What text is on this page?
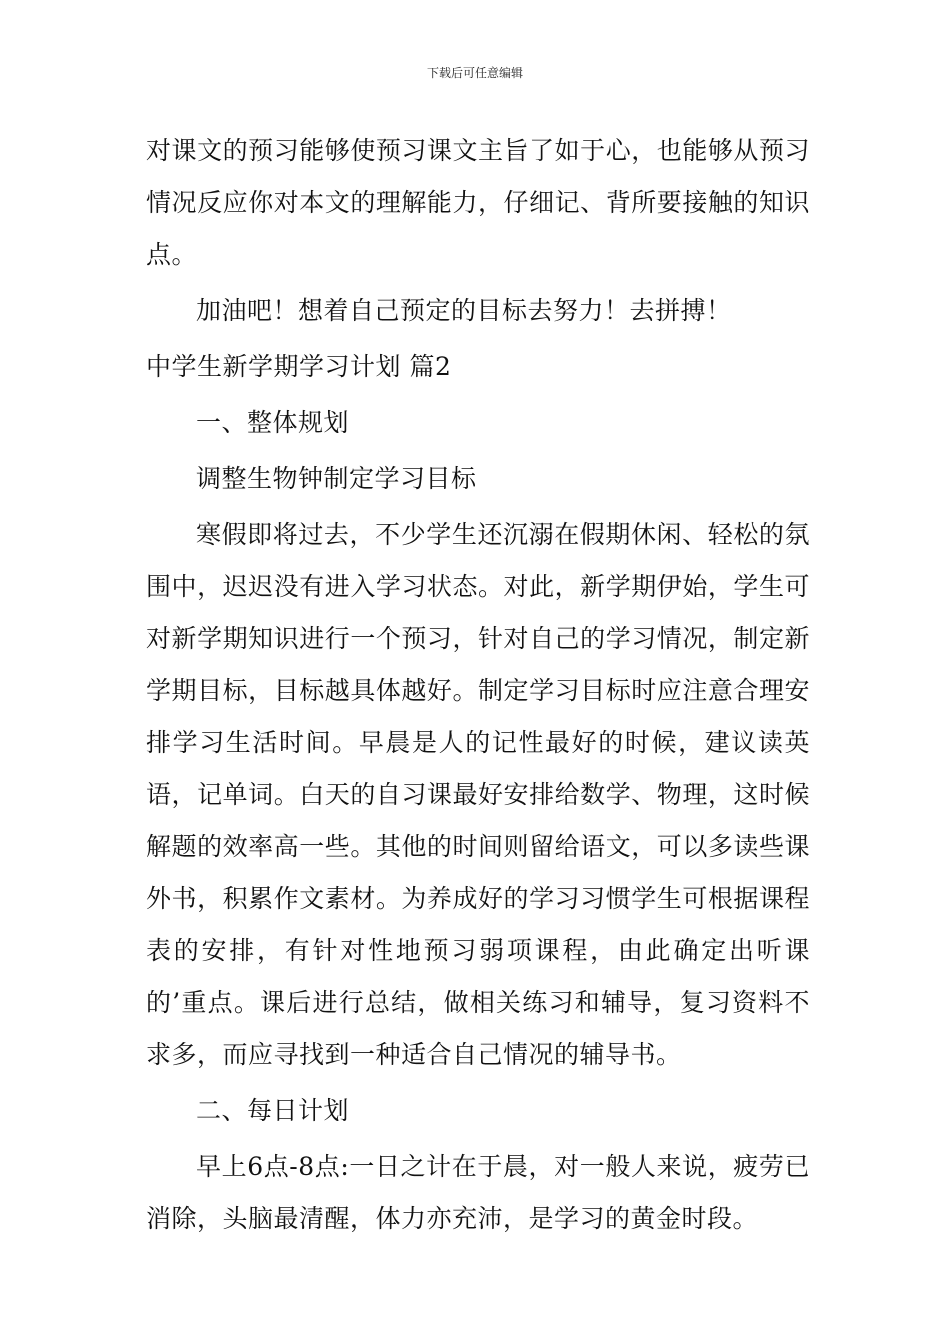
下载后可任意编辑

对课文的预习能够使预习课文主旨了如于心，也能够从预习情况反应你对本文的理解能力，仔细记、背所要接触的知识点。

加油吧！想着自己预定的目标去努力！去拼搏！

中学生新学期学习计划 篇2

一、整体规划

调整生物钟制定学习目标

寒假即将过去，不少学生还沉溺在假期休闲、轻松的氛围中，迟迟没有进入学习状态。对此，新学期伊始，学生可对新学期知识进行一个预习，针对自己的学习情况，制定新学期目标，目标越具体越好。制定学习目标时应注意合理安排学习生活时间。早晨是人的记性最好的时候，建议读英语，记单词。白天的自习课最好安排给数学、物理，这时候解题的效率高一些。其他的时间则留给语文，可以多读些课外书，积累作文素材。为养成好的学习习惯学生可根据课程表的安排，有针对性地预习弱项课程，由此确定出听课的’重点。课后进行总结，做相关练习和辅导，复习资料不求多，而应寻找到一种适合自己情况的辅导书。

二、每日计划

早上6点-8点:一日之计在于晨，对一般人来说，疲劳已 消除，头脑最清醒，体力亦充沛，是学习的黄金时段。
